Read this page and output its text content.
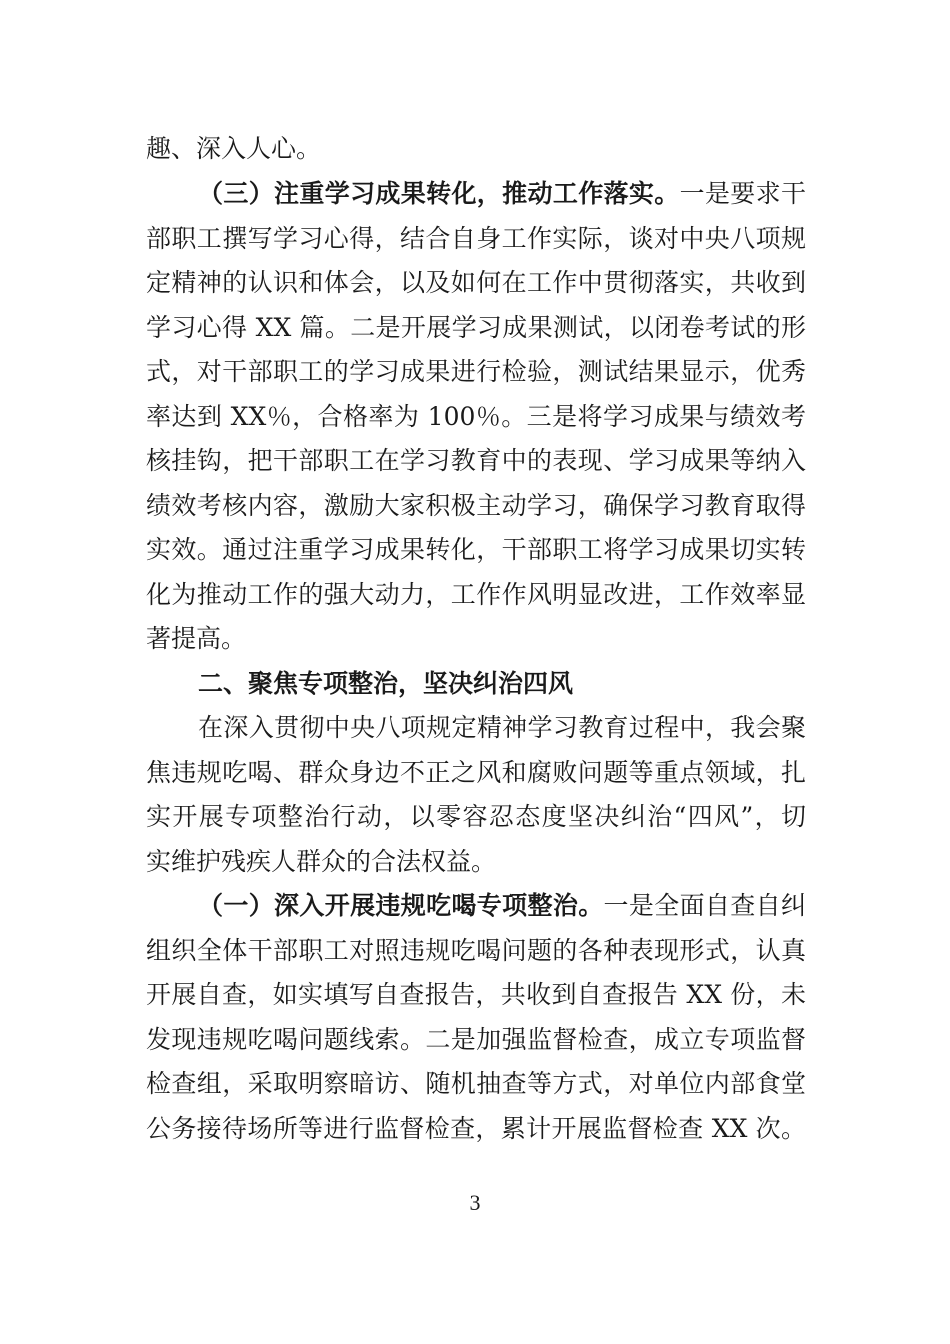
趣、深入人心。
（三）注重学习成果转化，推动工作落实。一是要求干
部职工撰写学习心得，结合自身工作实际，谈对中央八项规
定精神的认识和体会，以及如何在工作中贯彻落实，共收到
学习心得 XX 篇。二是开展学习成果测试，以闭卷考试的形
式，对干部职工的学习成果进行检验，测试结果显示，优秀
率达到 XX％，合格率为 100％。三是将学习成果与绩效考
核挂钩，把干部职工在学习教育中的表现、学习成果等纳入
绩效考核内容，激励大家积极主动学习，确保学习教育取得
实效。通过注重学习成果转化，干部职工将学习成果切实转
化为推动工作的强大动力，工作作风明显改进，工作效率显
著提高。
二、聚焦专项整治，坚决纠治四风
在深入贯彻中央八项规定精神学习教育过程中，我会聚
焦违规吃喝、群众身边不正之风和腐败问题等重点领域，扎
实开展专项整治行动，以零容忍态度坚决纠治“四风”，切
实维护残疾人群众的合法权益。
（一）深入开展违规吃喝专项整治。一是全面自查自纠
组织全体干部职工对照违规吃喝问题的各种表现形式，认真
开展自查，如实填写自查报告，共收到自查报告 XX 份，未
发现违规吃喝问题线索。二是加强监督检查，成立专项监督
检查组，采取明察暗访、随机抽查等方式，对单位内部食堂
公务接待场所等进行监督检查，累计开展监督检查 XX 次。
3
